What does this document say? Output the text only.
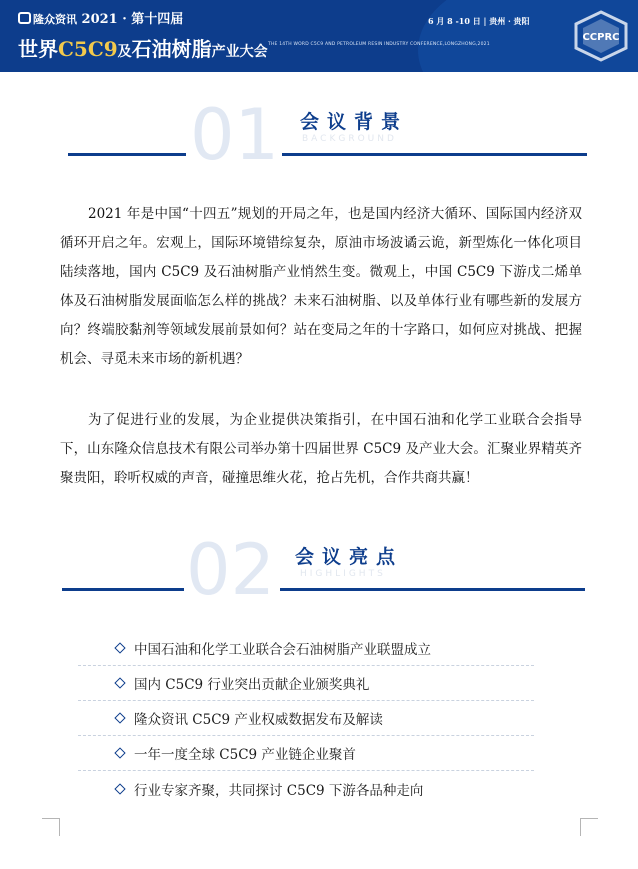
隆众资讯 2021 · 第十四届
世界C5C9及石油树脂产业大会
6 月 8 -10 日 | 贵州 · 贵阳
THE 14TH WORD C5C9 AND PETROLEUM RESIN INDUSTRY CONFERENCE,LONGZHONG,2021
CCPRC
01 会议背景
BACKGROUND

2021 年是中国“十四五”规划的开局之年，也是国内经济大循环、国际国内经济双循环开启之年。宏观上，国际环境错综复杂，原油市场波谲云诡，新型炼化一体化项目陆续落地，国内 C5C9 及石油树脂产业悄然生变。微观上，中国 C5C9 下游戊二烯单体及石油树脂发展面临怎么样的挑战？未来石油树脂、以及单体行业有哪些新的发展方向？终端胶黏剂等领域发展前景如何？站在变局之年的十字路口，如何应对挑战、把握机会、寻觅未来市场的新机遇？

为了促进行业的发展，为企业提供决策指引，在中国石油和化学工业联合会指导下，山东隆众信息技术有限公司举办第十四届世界 C5C9 及产业大会。汇聚业界精英齐聚贵阳，聆听权威的声音，碰撞思维火花，抢占先机，合作共商共赢！

02 会议亮点
HIGHLIGHTS
中国石油和化学工业联合会石油树脂产业联盟成立
国内 C5C9 行业突出贡献企业颁奖典礼
隆众资讯 C5C9 产业权威数据发布及解读
一年一度全球 C5C9 产业链企业聚首
行业专家齐聚，共同探讨 C5C9 下游各品种走向
